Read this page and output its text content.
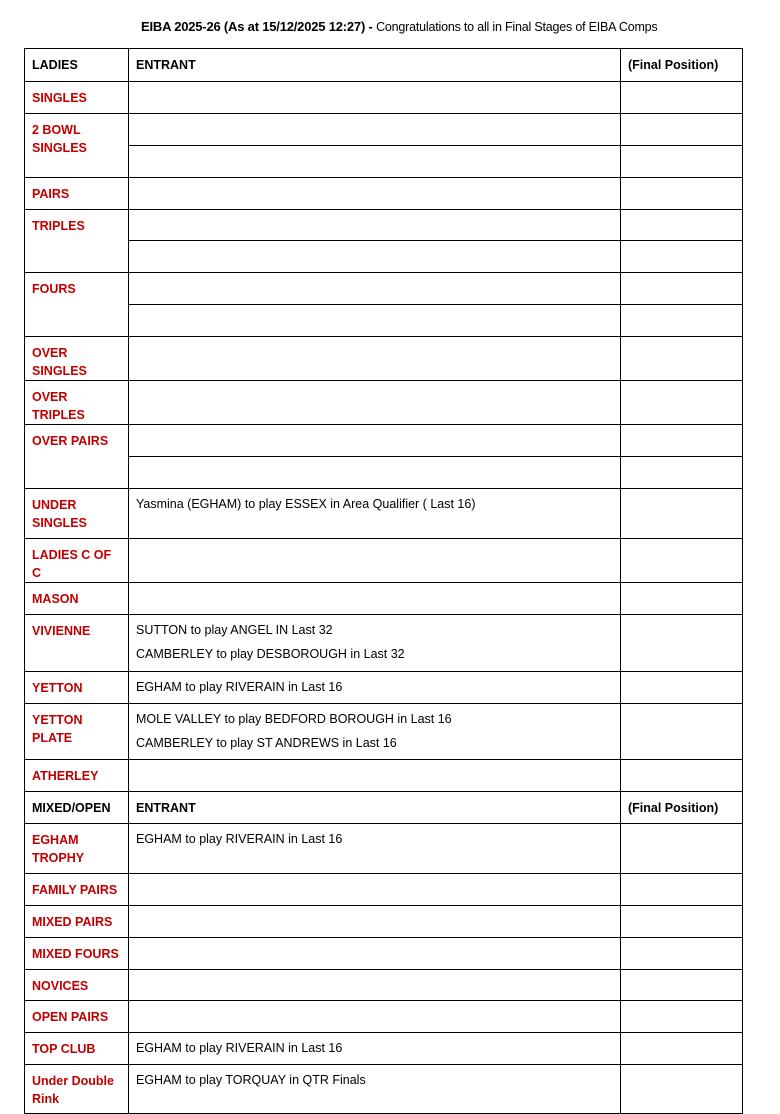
EIBA 2025-26 (As at 15/12/2025 12:27) - Congratulations to all in Final Stages of EIBA Comps
LADIES	ENTRANT	(Final Position)
SINGLES		
2 BOWL SINGLES		

PAIRS		
TRIPLES		

FOURS		

OVER SINGLES		
OVER TRIPLES		
OVER PAIRS		

UNDER SINGLES	Yasmina (EGHAM) to play ESSEX in Area Qualifier ( Last 16)	
LADIES C OF C		
MASON		
VIVIENNE	SUTTON to play ANGEL IN Last 32
CAMBERLEY to play DESBOROUGH in Last 32	

YETTON	EGHAM to play RIVERAIN in Last 16	
YETTON PLATE	MOLE VALLEY to play BEDFORD BOROUGH in Last 16
CAMBERLEY to play ST ANDREWS in Last 16	

ATHERLEY		
MIXED/OPEN	ENTRANT	(Final Position)
EGHAM TROPHY	EGHAM to play RIVERAIN in Last 16	
FAMILY PAIRS		
MIXED PAIRS		
MIXED FOURS		
NOVICES		
OPEN PAIRS		
TOP CLUB	EGHAM to play RIVERAIN in Last 16	
Under Double Rink	EGHAM to play TORQUAY in QTR Finals	
